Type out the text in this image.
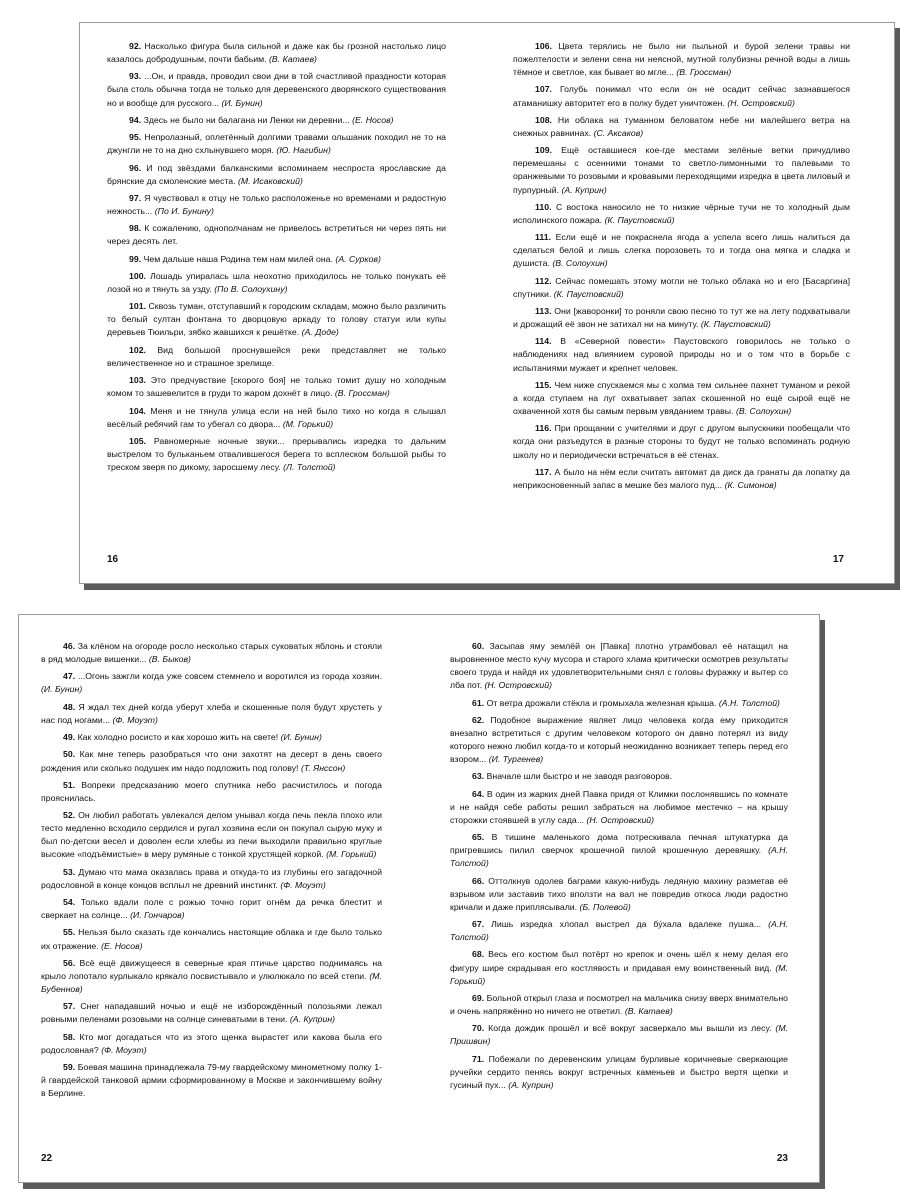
92. Насколько фигура была сильной и даже как бы грозной настолько лицо казалось добродушным, почти бабьим. (В. Катаев)

93. ...Он, и правда, проводил свои дни в той счастливой праздности которая была столь обычна тогда не только для деревенского дворянского существования но и вообще для русского... (И. Бунин)

94. Здесь не было ни балагана ни Ленки ни деревни... (Е. Носов)

95. Непролазный, оплетённый долгими травами ольшаник походил не то на джунгли не то на дно схлынувшего моря. (Ю. Нагибин)

96. И под звёздами балканскими вспоминаем неспроста ярославские да брянские да смоленские места. (М. Исаковский)

97. Я чувствовал к отцу не только расположенье но временами и радостную нежность... (По И. Бунину)

98. К сожалению, однополчанам не привелось встретиться ни через пять ни через десять лет.

99. Чем дальше наша Родина тем нам милей она. (А. Сурков)

100. Лошадь упиралась шла неохотно приходилось не только понукать её лозой но и тянуть за узду. (По В. Солоухину)

101. Сквозь туман, отступавший к городским складам, можно было различить то белый султан фонтана то дворцовую аркаду то голову статуи или купы деревьев Тюильри, зябко жавшихся к решётке. (А. Доде)

102. Вид большой проснувшейся реки представляет не только величественное но и страшное зрелище.

103. Это предчувствие [скорого боя] не только томит душу но холодным комом то зашевелится в груди то жаром дохнёт в лицо. (В. Гроссман)

104. Меня и не тянула улица если на ней было тихо но когда я слышал весёлый ребячий гам то убегал со двора... (М. Горький)

105. Равномерные ночные звуки... прерывались изредка то дальним выстрелом то бульканьем отвалившегося берега то всплеском большой рыбы то треском зверя по дикому, заросшему лесу. (Л. Толстой)

16

106. Цвета терялись не было ни пыльной и бурой зелени травы ни пожелтелости и зелени сена ни неясной, мутной голубизны речной воды а лишь тёмное и светлое, как бывает во мгле... (В. Гроссман)

107. Голубь понимал что если он не осадит сейчас зазнавшегося атаманишку авторитет его в полку будет уничтожен. (Н. Островский)

108. Ни облака на туманном беловатом небе ни малейшего ветра на снежных равнинах. (С. Аксаков)

109. Ещё оставшиеся кое-где местами зелёные ветки причудливо перемешаны с осенними тонами то светло-лимонными то палевыми то оранжевыми то розовыми и кровавыми переходящими изредка в цвета лиловый и пурпурный. (А. Куприн)

110. С востока наносило не то низкие чёрные тучи не то холодный дым исполинского пожара. (К. Паустовский)

111. Если ещё и не покраснела ягода а успела всего лишь налиться да сделаться белой и лишь слегка порозоветь то и тогда она мягка и сладка и душиста. (В. Солоухин)

112. Сейчас помешать этому могли не только облака но и его [Басаргина] спутники. (К. Паустовский)

113. Они [жаворонки] то роняли свою песню то тут же на лету подхватывали и дрожащий её звон не затихал ни на минуту. (К. Паустовский)

114. В «Северной повести» Паустовского говорилось не только о наблюдениях над влиянием суровой природы но и о том что в борьбе с испытаниями мужает и крепнет человек.

115. Чем ниже спускаемся мы с холма тем сильнее пахнет туманом и рекой а когда ступаем на луг охватывает запах скошенной но ещё сырой ещё не охваченной хотя бы самым первым увяданием травы. (В. Солоухин)

116. При прощании с учителями и друг с другом выпускники пообещали что когда они разъедутся в разные стороны то будут не только вспоминать родную школу но и периодически встречаться в её стенах.

117. А было на нём если считать автомат да диск да гранаты да лопатку да неприкосновенный запас в мешке без малого пуд... (К. Симонов)

17

46. За клёном на огороде росло несколько старых суковатых яблонь и стояли в ряд молодые вишенки... (В. Быков)

47. ...Огонь зажгли когда уже совсем стемнело и воротился из города хозяин. (И. Бунин)

48. Я ждал тех дней когда уберут хлеба и скошенные поля будут хрустеть у нас под ногами... (Ф. Моуэт)

49. Как холодно росисто и как хорошо жить на свете! (И. Бунин)

50. Как мне теперь разобраться что они захотят на десерт в день своего рождения или сколько подушек им надо подложить под голову! (Т. Янссон)

51. Вопреки предсказанию моего спутника небо расчистилось и погода прояснилась.

52. Он любил работать увлекался делом унывал когда печь пекла плохо или тесто медленно всходило сердился и ругал хозяина если он покупал сырую муку и был по-детски весел и доволен если хлебы из печи выходили правильно круглые высокие «подъёмистые» в меру румяные с тонкой хрустящей коркой. (М. Горький)

53. Думаю что мама оказалась права и откуда-то из глубины его загадочной родословной в конце концов всплыл не древний инстинкт. (Ф. Моуэт)

54. Только вдали поле с рожью точно горит огнём да речка блестит и сверкает на солнце... (И. Гончаров)

55. Нельзя было сказать где кончались настоящие облака и где было только их отражение. (Е. Носов)

56. Всё ещё движущееся в северные края птичье царство поднимаясь на крыло лопотало курлыкало крякало посвистывало и улюлюкало по всей степи. (М. Бубеннов)

57. Снег нападавший ночью и ещё не изборождённый полозьями лежал ровными пеленами розовыми на солнце синеватыми в тени. (А. Куприн)

58. Кто мог догадаться что из этого щенка вырастет или какова была его родословная? (Ф. Моуэт)

59. Боевая машина принадлежала 79-му гвардейскому минометному полку 1-й гвардейской танковой армии сформированному в Москве и закончившему войну в Берлине.

22

60. Засыпав яму землёй он [Павка] плотно утрамбовал её натащил на выровненное место кучу мусора и старого хлама критически осмотрев результаты своего труда и найдя их удовлетворительными снял с головы фуражку и вытер со лба пот. (Н. Островский)

61. От ветра дрожали стёкла и громыхала железная крыша. (А.Н. Толстой)

62. Подобное выражение являет лицо человека когда ему приходится внезапно встретиться с другим человеком которого он давно потерял из виду которого нежно любил когда-то и который неожиданно возникает теперь перед его взором... (И. Тургенев)

63. Вначале шли быстро и не заводя разговоров.

64. В один из жарких дней Павка придя от Климки послонявшись по комнате и не найдя себе работы решил забраться на любимое местечко – на крышу сторожки стоявшей в углу сада... (Н. Островский)

65. В тишине маленького дома потрескивала печная штукатурка да пригревшись пилил сверчок крошечной пилой крошечную деревяшку. (А.Н. Толстой)

66. Оттолкнув одолев баграми какую-нибудь ледяную махину разметав её взрывом или заставив тихо вползти на вал не повредив откоса люди радостно кричали и даже приплясывали. (Б. Полевой)

67. Лишь изредка хлопал выстрел да бу́хала вдалеке пушка... (А.Н. Толстой)

68. Весь его костюм был потёрт но крепок и очень шёл к нему делая его фигуру шире скрадывая его костлявость и придавая ему воинственный вид. (М. Горький)

69. Больной открыл глаза и посмотрел на мальчика снизу вверх внимательно и очень напряжённо но ничего не ответил. (В. Катаев)

70. Когда дождик прошёл и всё вокруг засверкало мы вышли из лесу. (М. Пришвин)

71. Побежали по деревенским улицам бурливые коричневые сверкающие ручейки сердито пенясь вокруг встречных каменьев и быстро вертя щепки и гусиный пух... (А. Куприн)

23
